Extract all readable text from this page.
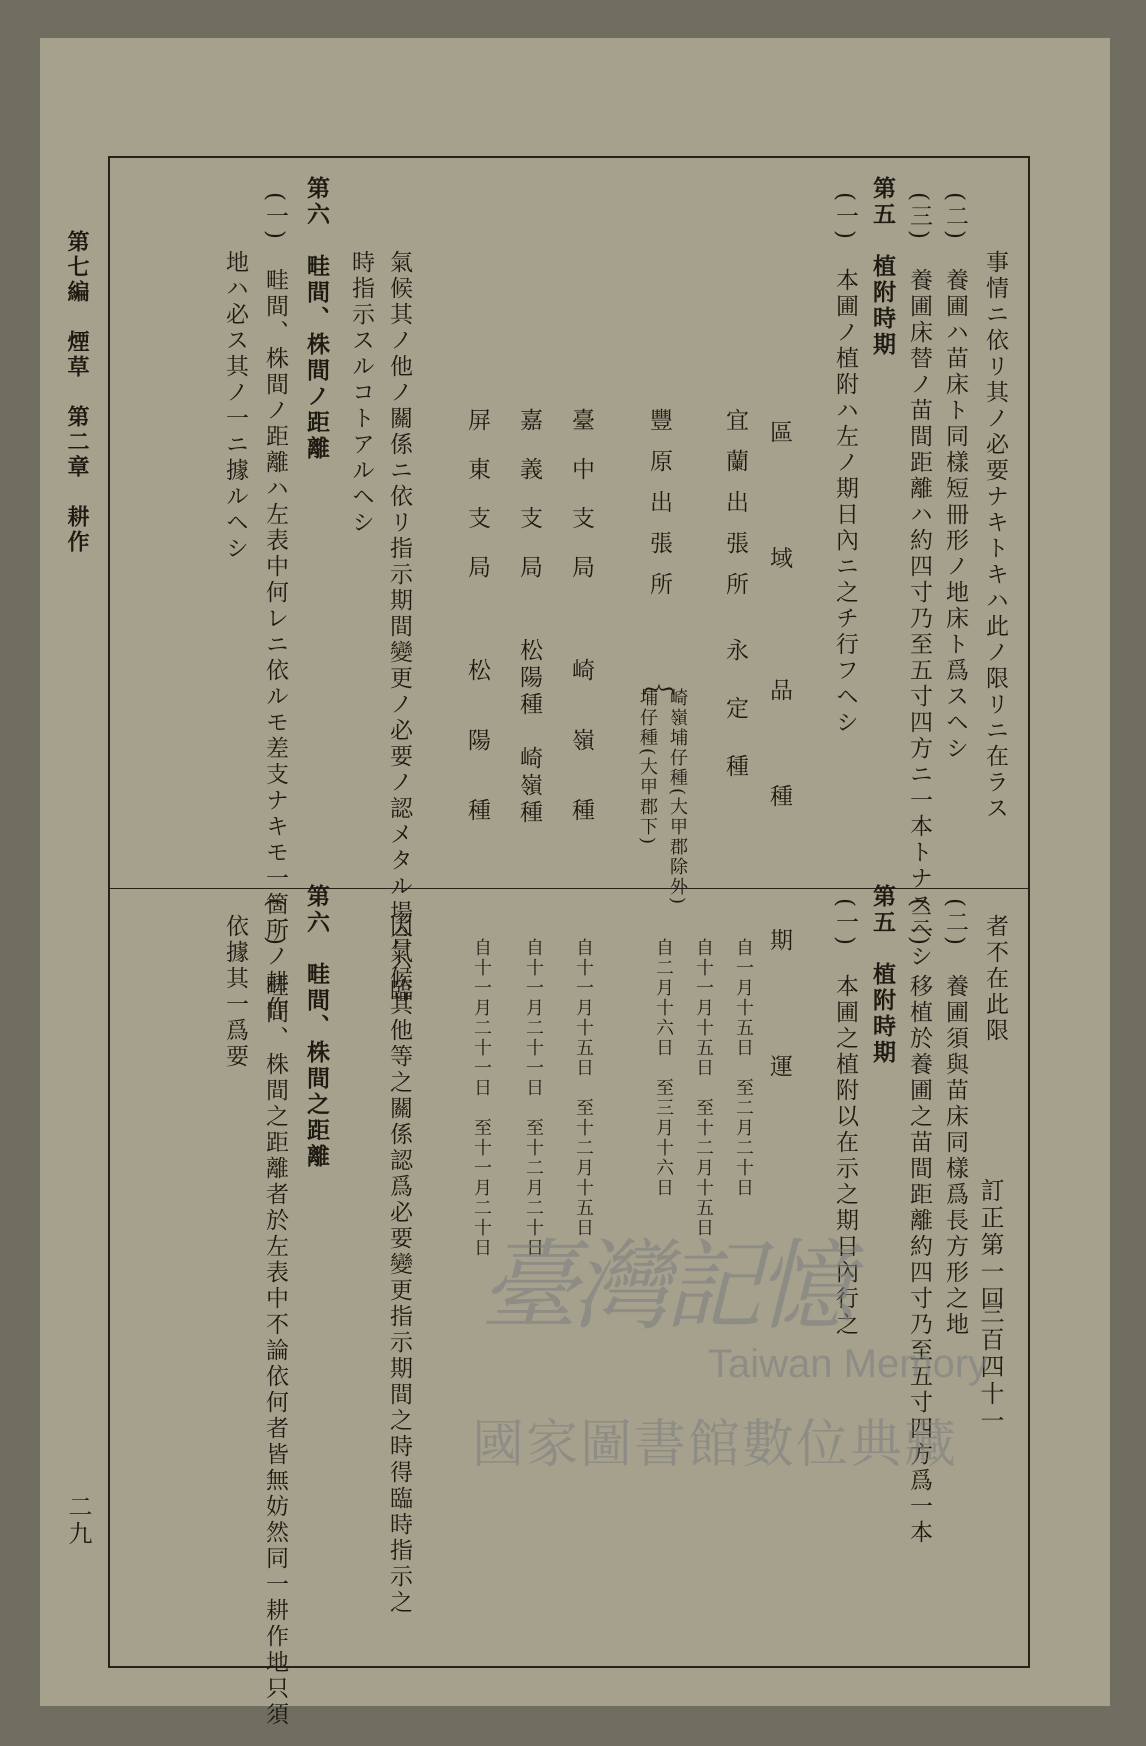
事情ニ依リ其ノ必要ナキトキハ此ノ限リニ在ラス
(二)　養圃ハ苗床ト同樣短冊形ノ地床ト爲スヘシ
(三)　養圃床替ノ苗間距離ハ約四寸乃至五寸四方ニ一本トナスヘシ
第五　植附時期
(一)　本圃ノ植附ハ左ノ期日內ニ之チ行フヘシ
區　域
品　種
期　運
宜蘭出張所
豐原出張所
臺中支局
嘉義支局
屏東支局
永　定　種
︷
崎嶺埔仔種(大甲郡除外)
埔仔種(大甲郡下)
崎　嶺　種
松陽種　崎嶺種
松　陽　種
自一月十五日　至二月二十日
自十一月十五日　至十二月十五日
自二月十六日　至三月十六日
自十一月十五日　至十二月十五日
自十一月二十一日　至十二月二十日
自十一月二十一日　至十一月二十日
氣候其ノ他ノ關係ニ依リ指示期間變更ノ必要ノ認メタル場合ハ臨
時指示スルコトアルヘシ
第六　畦間、株間ノ距離
(一)　畦間、株間ノ距離ハ左表中何レニ依ルモ差支ナキモ一箇所ノ耕作
地ハ必ス其ノ一ニ據ルヘシ
者不在此限
(二)　養圃須與苗床同樣爲長方形之地
(三)　移植於養圃之苗間距離約四寸乃至五寸四方爲一本
第五　植附時期
(一)　本圃之植附以在示之期日內行之
因氣候其他等之關係認爲必要變更指示期間之時得臨時指示之
第六　畦間、株間之距離
(一)　畦間、株間之距離者於左表中不論依何者皆無妨然同一耕作地只須
依據其一爲要
訂正第一回
三百四十一
第七編　煙草　第二章　耕作
二九
臺灣記憶
Taiwan Memory
國家圖書館數位典藏
